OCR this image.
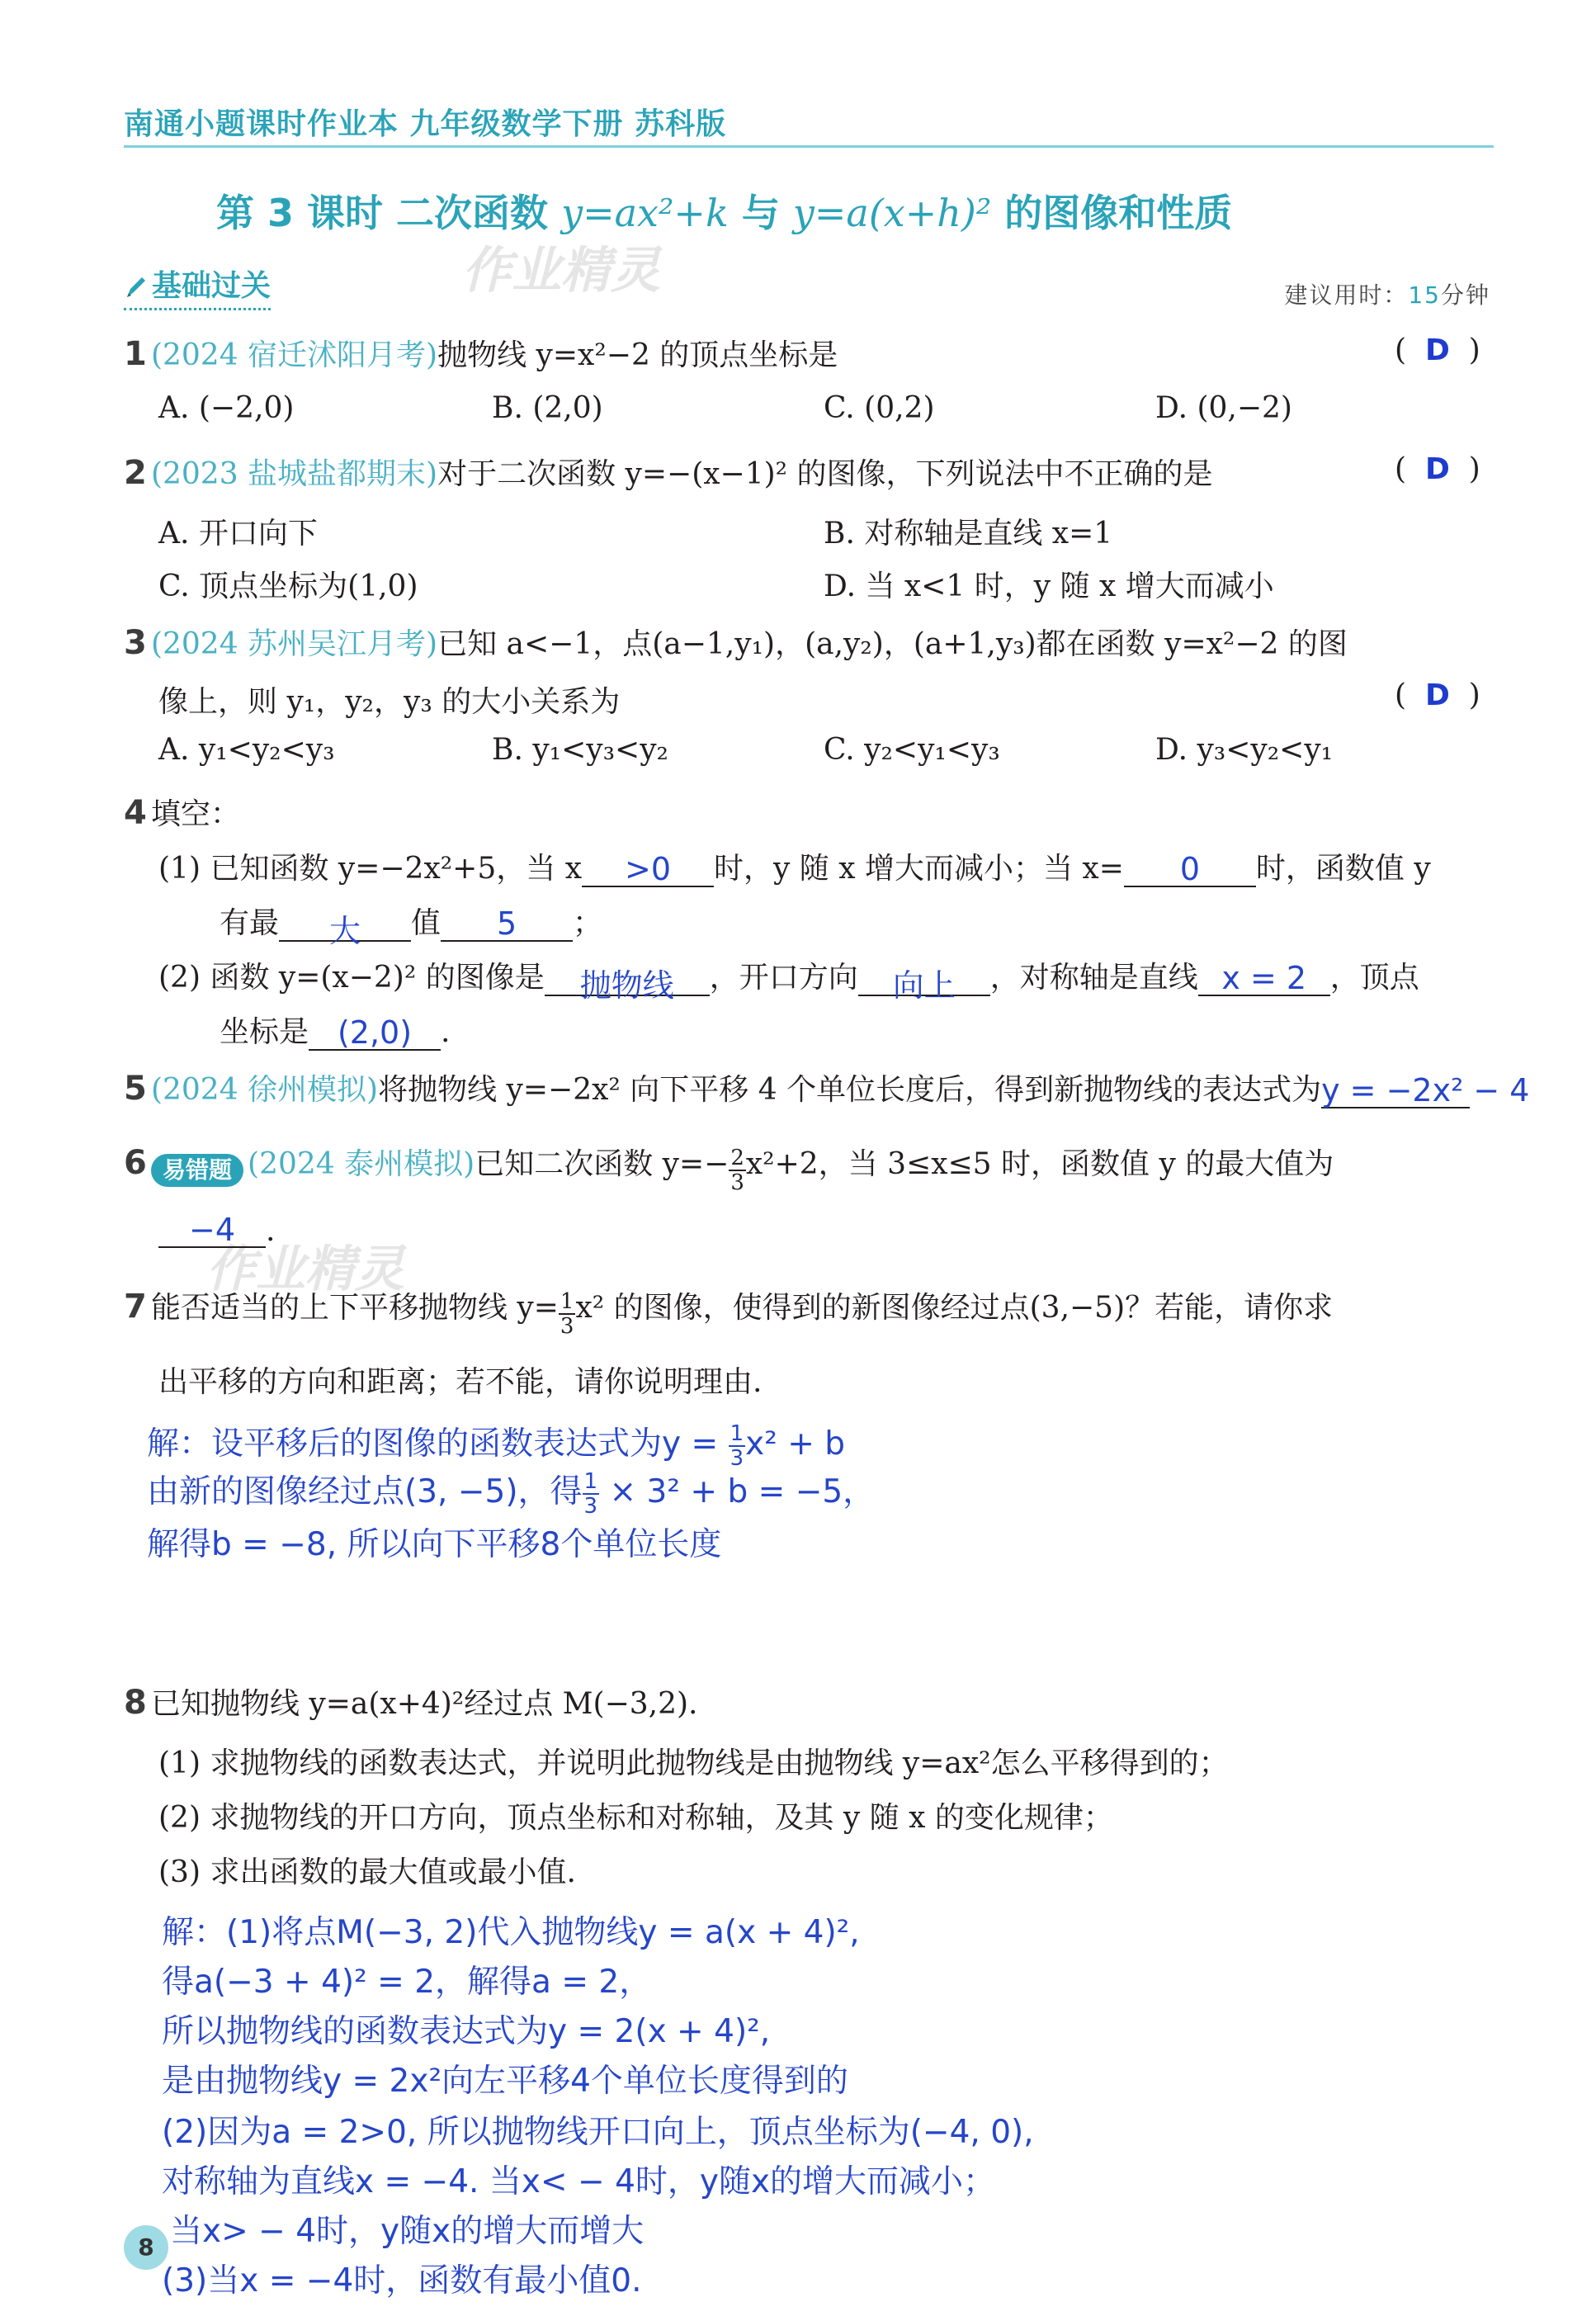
南通小题课时作业本 九年级数学下册 苏科版
第 3 课时 二次函数 y=ax²+k 与 y=a(x+h)² 的图像和性质
基础过关	建议用时：15分钟
作业精灵
作业精灵
1 (2024 宿迁沭阳月考)抛物线 y=x²−2 的顶点坐标是	(  D  )
A. (−2,0)	B. (2,0)	C. (0,2)	D. (0,−2)
2 (2023 盐城盐都期末)对于二次函数 y=−(x−1)² 的图像，下列说法中不正确的是	(  D  )
A. 开口向下	B. 对称轴是直线 x=1
C. 顶点坐标为(1,0)	D. 当 x<1 时，y 随 x 增大而减小
3 (2024 苏州吴江月考)已知 a<−1，点(a−1,y₁)，(a,y₂)，(a+1,y₃)都在函数 y=x²−2 的图
像上，则 y₁，y₂，y₃ 的大小关系为	(  D  )
A. y₁<y₂<y₃	B. y₁<y₃<y₂	C. y₂<y₁<y₃	D. y₃<y₂<y₁
4 填空：
(1) 已知函数 y=−2x²+5，当 x >0 时，y 随 x 增大而减小；当 x= 0 时，函数值 y
有最 大 值 5 ；
(2) 函数 y=(x−2)² 的图像是 抛物线 ，开口方向 向上 ，对称轴是直线 x = 2 ，顶点
坐标是 (2,0) .
5 (2024 徐州模拟)将抛物线 y=−2x² 向下平移 4 个单位长度后，得到新抛物线的表达式为y = −2x² − 4
6 易错题 (2024 泰州模拟)已知二次函数 $y=- \frac{2}{3} x^2+2$，当 3≤x≤5 时，函数值 y 的最大值为
−4 .
7 能否适当的上下平移抛物线 $y= \frac{1}{3} x^2$ 的图像，使得到的新图像经过点(3,−5)？若能，请你求
出平移的方向和距离；若不能，请你说明理由.
解：设平移后的图像的函数表达式为$y = \frac{1}{3} x^2 + b$
由新的图像经过点(3, −5)，得 $\frac{1}{3} \times 3^2 + b = -5$，
解得b = −8, 所以向下平移8个单位长度
8 已知抛物线 y=a(x+4)²经过点 M(−3,2).
(1) 求抛物线的函数表达式，并说明此抛物线是由抛物线 y=ax²怎么平移得到的；
(2) 求抛物线的开口方向，顶点坐标和对称轴，及其 y 随 x 的变化规律；
(3) 求出函数的最大值或最小值.
解：(1)将点M(−3, 2)代入抛物线y = a(x + 4)²,
得a(−3 + 4)² = 2，解得a = 2，
所以抛物线的函数表达式为y = 2(x + 4)²,
是由抛物线y = 2x²向左平移4个单位长度得到的
(2)因为a = 2>0, 所以抛物线开口向上，顶点坐标为(−4, 0),
对称轴为直线x = −4. 当x< − 4时，y随x的增大而减小；
当x> − 4时，y随x的增大而增大
(3)当x = −4时，函数有最小值0.
8
